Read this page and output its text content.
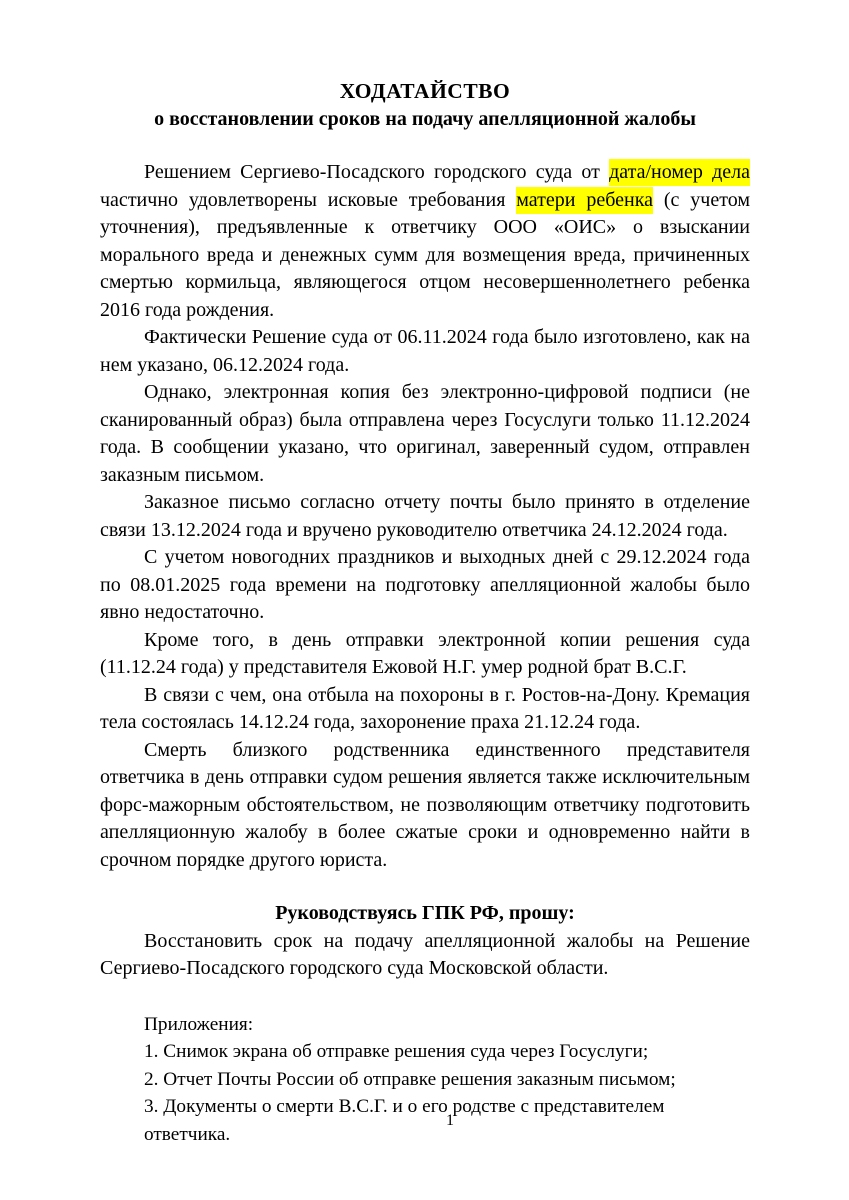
ХОДАТАЙСТВО
о восстановлении сроков на подачу апелляционной жалобы

Решением Сергиево-Посадского городского суда от дата/номер дела частично удовлетворены исковые требования матери ребенка (с учетом уточнения), предъявленные к ответчику ООО «ОИС» о взыскании морального вреда и денежных сумм для возмещения вреда, причиненных смертью кормильца, являющегося отцом несовершеннолетнего ребенка 2016 года рождения.

Фактически Решение суда от 06.11.2024 года было изготовлено, как на нем указано, 06.12.2024 года.

Однако, электронная копия без электронно-цифровой подписи (не сканированный образ) была отправлена через Госуслуги только 11.12.2024 года. В сообщении указано, что оригинал, заверенный судом, отправлен заказным письмом.

Заказное письмо согласно отчету почты было принято в отделение связи 13.12.2024 года и вручено руководителю ответчика 24.12.2024 года.

С учетом новогодних праздников и выходных дней с 29.12.2024 года по 08.01.2025 года времени на подготовку апелляционной жалобы было явно недостаточно.

Кроме того, в день отправки электронной копии решения суда (11.12.24 года) у представителя Ежовой Н.Г. умер родной брат В.С.Г.

В связи с чем, она отбыла на похороны в г. Ростов-на-Дону. Кремация тела состоялась 14.12.24 года, захоронение праха 21.12.24 года.

Смерть близкого родственника единственного представителя ответчика в день отправки судом решения является также исключительным форс-мажорным обстоятельством, не позволяющим ответчику подготовить апелляционную жалобу в более сжатые сроки и одновременно найти в срочном порядке другого юриста.

Руководствуясь ГПК РФ, прошу:

Восстановить срок на подачу апелляционной жалобы на Решение Сергиево-Посадского городского суда Московской области.

Приложения:
1. Снимок экрана об отправке решения суда через Госуслуги;
2. Отчет Почты России об отправке решения заказным письмом;
3. Документы о смерти В.С.Г. и о его родстве с представителем ответчика.
1
